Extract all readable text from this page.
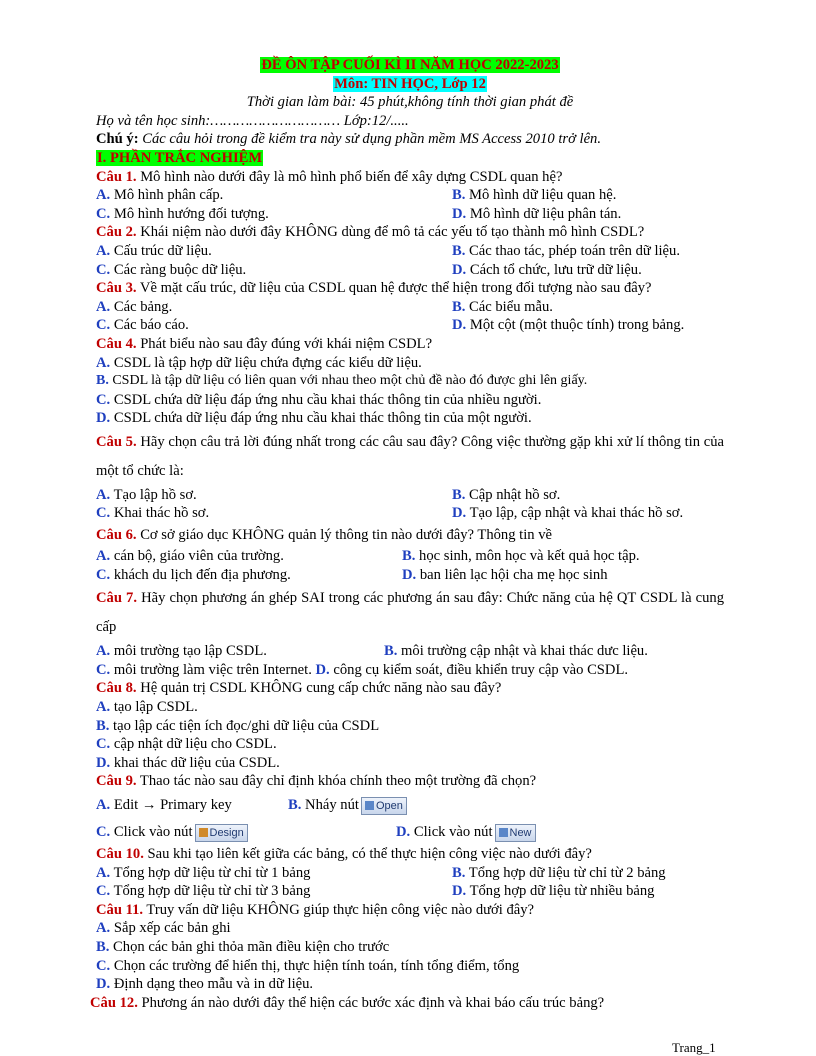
ĐỀ ÔN TẬP CUỐI KÌ II NĂM HỌC 2022-2023
Môn: TIN HỌC, Lớp 12
Thời gian làm bài: 45 phút,không tính thời gian phát đề
Họ và tên học sinh:………………………… Lớp:12/.....
Chú ý: Các câu hỏi trong đề kiểm tra này sử dụng phần mềm MS Access 2010 trở lên.
I. PHẦN TRẮC NGHIỆM
Câu 1. Mô hình nào dưới đây là mô hình phổ biến để xây dựng CSDL quan hệ?
A. Mô hình phân cấp.	B. Mô hình dữ liệu quan hệ.
C. Mô hình hướng đối tượng.	D. Mô hình dữ liệu phân tán.
Câu 2. Khái niệm nào dưới đây KHÔNG dùng để mô tả các yếu tố tạo thành mô hình CSDL?
A. Cấu trúc dữ liệu.	B. Các thao tác, phép toán trên dữ liệu.
C. Các ràng buộc dữ liệu.	D. Cách tổ chức, lưu trữ dữ liệu.
Câu 3. Về mặt cấu trúc, dữ liệu của CSDL quan hệ được thể hiện trong đối tượng nào sau đây?
A. Các bảng.	B. Các biểu mẫu.
C. Các báo cáo.	D. Một cột (một thuộc tính) trong bảng.
Câu 4. Phát biểu nào sau đây đúng với khái niệm CSDL?
A. CSDL là tập hợp dữ liệu chứa đựng các kiểu dữ liệu.
B. CSDL là tập dữ liệu có liên quan với nhau theo một chủ đề nào đó được ghi lên giấy.
C. CSDL chứa dữ liệu đáp ứng nhu cầu khai thác thông tin của nhiều người.
D. CSDL chứa dữ liệu đáp ứng nhu cầu khai thác thông tin của một người.
Câu 5. Hãy chọn câu trả lời đúng nhất trong các câu sau đây? Công việc thường gặp khi xử lí thông tin của một tổ chức là:
A. Tạo lập hồ sơ.	B. Cập nhật hồ sơ.
C. Khai thác hồ sơ.	D. Tạo lập, cập nhật và khai thác hồ sơ.
Câu 6. Cơ sở giáo dục KHÔNG quản lý thông tin nào dưới đây? Thông tin về
A. cán bộ, giáo viên của trường.	B. học sinh, môn học và kết quả học tập.
C. khách du lịch đến địa phương.	D. ban liên lạc hội cha mẹ học sinh
Câu 7. Hãy chọn phương án ghép SAI trong các phương án sau đây: Chức năng của hệ QT CSDL là cung cấp
A. môi trường tạo lập CSDL.	B. môi trường cập nhật và khai thác dưc liệu.
C. môi trường làm việc trên Internet. D. công cụ kiểm soát, điều khiển truy cập vào CSDL.
Câu 8. Hệ quản trị CSDL KHÔNG cung cấp chức năng nào sau đây?
A. tạo lập CSDL.
B. tạo lập các tiện ích đọc/ghi dữ liệu của CSDL
C. cập nhật dữ liệu cho CSDL.
D. khai thác dữ liệu của CSDL.
Câu 9. Thao tác nào sau đây chỉ định khóa chính theo một trường đã chọn?
A. Edit → Primary key	B. Nháy nút Open
C. Click vào nút Design	D. Click vào nút New
Câu 10. Sau khi tạo liên kết giữa các bảng, có thể thực hiện công việc nào dưới đây?
A. Tổng hợp dữ liệu từ chỉ từ 1 bảng	B. Tổng hợp dữ liệu từ chỉ từ 2 bảng
C. Tổng hợp dữ liệu từ chỉ từ 3 bảng	D. Tổng hợp dữ liệu từ nhiều bảng
Câu 11. Truy vấn dữ liệu KHÔNG giúp thực hiện công việc nào dưới đây?
A. Sắp xếp các bản ghi
B. Chọn các bản ghi thỏa mãn điều kiện cho trước
C. Chọn các trường để hiển thị, thực hiện tính toán, tính tổng điểm, tổng
D. Định dạng theo mẫu và in dữ liệu.
Câu 12. Phương án nào dưới đây thể hiện các bước xác định và khai báo cấu trúc bảng?
Trang_1
